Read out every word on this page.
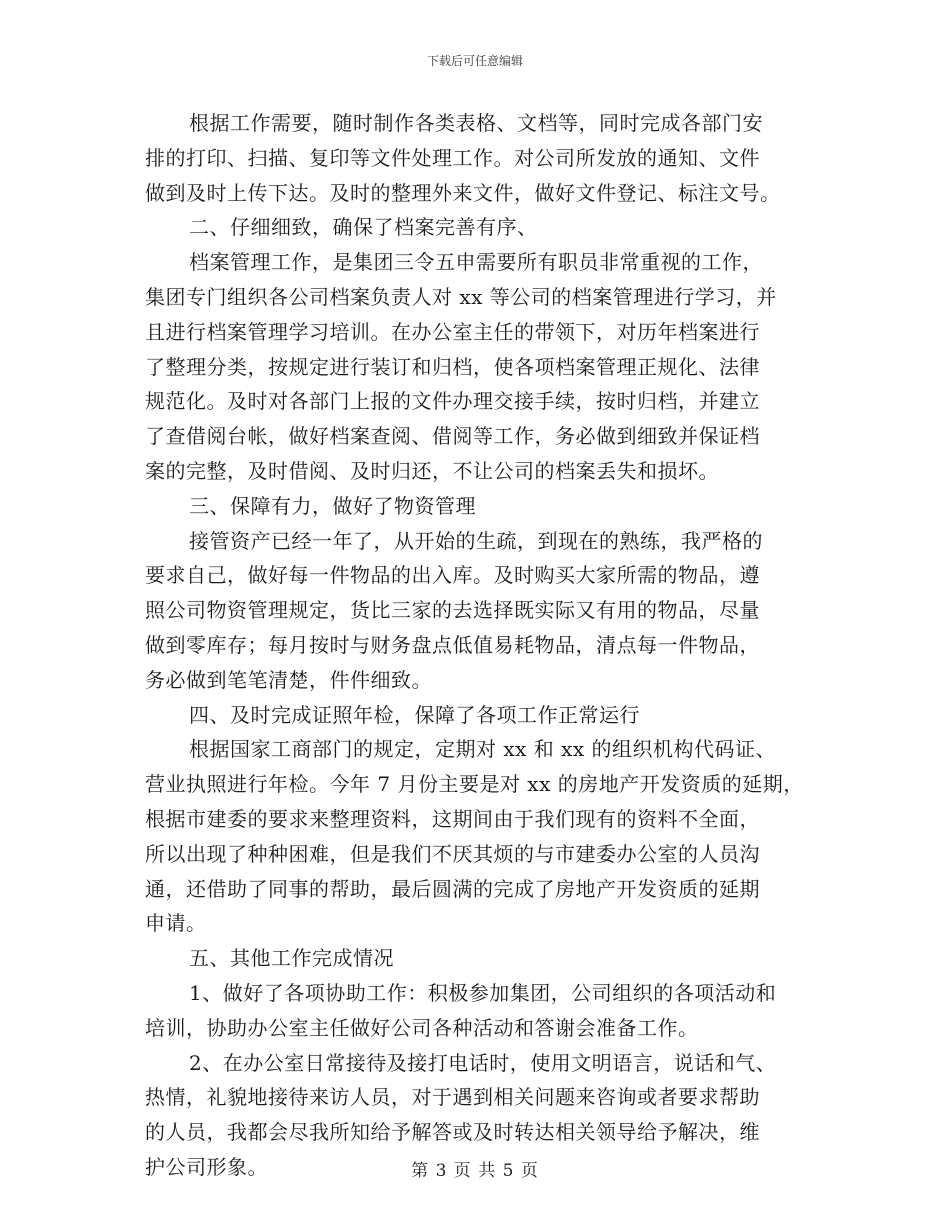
下载后可任意编辑
根据工作需要，随时制作各类表格、文档等，同时完成各部门安
排的打印、扫描、复印等文件处理工作。对公司所发放的通知、文件
做到及时上传下达。及时的整理外来文件，做好文件登记、标注文号。
二、仔细细致，确保了档案完善有序、
档案管理工作，是集团三令五申需要所有职员非常重视的工作，
集团专门组织各公司档案负责人对 xx 等公司的档案管理进行学习，并
且进行档案管理学习培训。在办公室主任的带领下，对历年档案进行
了整理分类，按规定进行装订和归档，使各项档案管理正规化、法律
规范化。及时对各部门上报的文件办理交接手续，按时归档，并建立
了查借阅台帐，做好档案查阅、借阅等工作，务必做到细致并保证档
案的完整，及时借阅、及时归还，不让公司的档案丢失和损坏。
三、保障有力，做好了物资管理
接管资产已经一年了，从开始的生疏，到现在的熟练，我严格的
要求自己，做好每一件物品的出入库。及时购买大家所需的物品，遵
照公司物资管理规定，货比三家的去选择既实际又有用的物品，尽量
做到零库存；每月按时与财务盘点低值易耗物品，清点每一件物品，
务必做到笔笔清楚，件件细致。
四、及时完成证照年检，保障了各项工作正常运行
根据国家工商部门的规定，定期对 xx 和 xx 的组织机构代码证、
营业执照进行年检。今年 7 月份主要是对 xx 的房地产开发资质的延期，
根据市建委的要求来整理资料，这期间由于我们现有的资料不全面，
所以出现了种种困难，但是我们不厌其烦的与市建委办公室的人员沟
通，还借助了同事的帮助，最后圆满的完成了房地产开发资质的延期
申请。
五、其他工作完成情况
1、做好了各项协助工作：积极参加集团，公司组织的各项活动和
培训，协助办公室主任做好公司各种活动和答谢会准备工作。
2、在办公室日常接待及接打电话时，使用文明语言，说话和气、
热情，礼貌地接待来访人员，对于遇到相关问题来咨询或者要求帮助
的人员，我都会尽我所知给予解答或及时转达相关领导给予解决，维
护公司形象。	第 3 页 共 5 页
